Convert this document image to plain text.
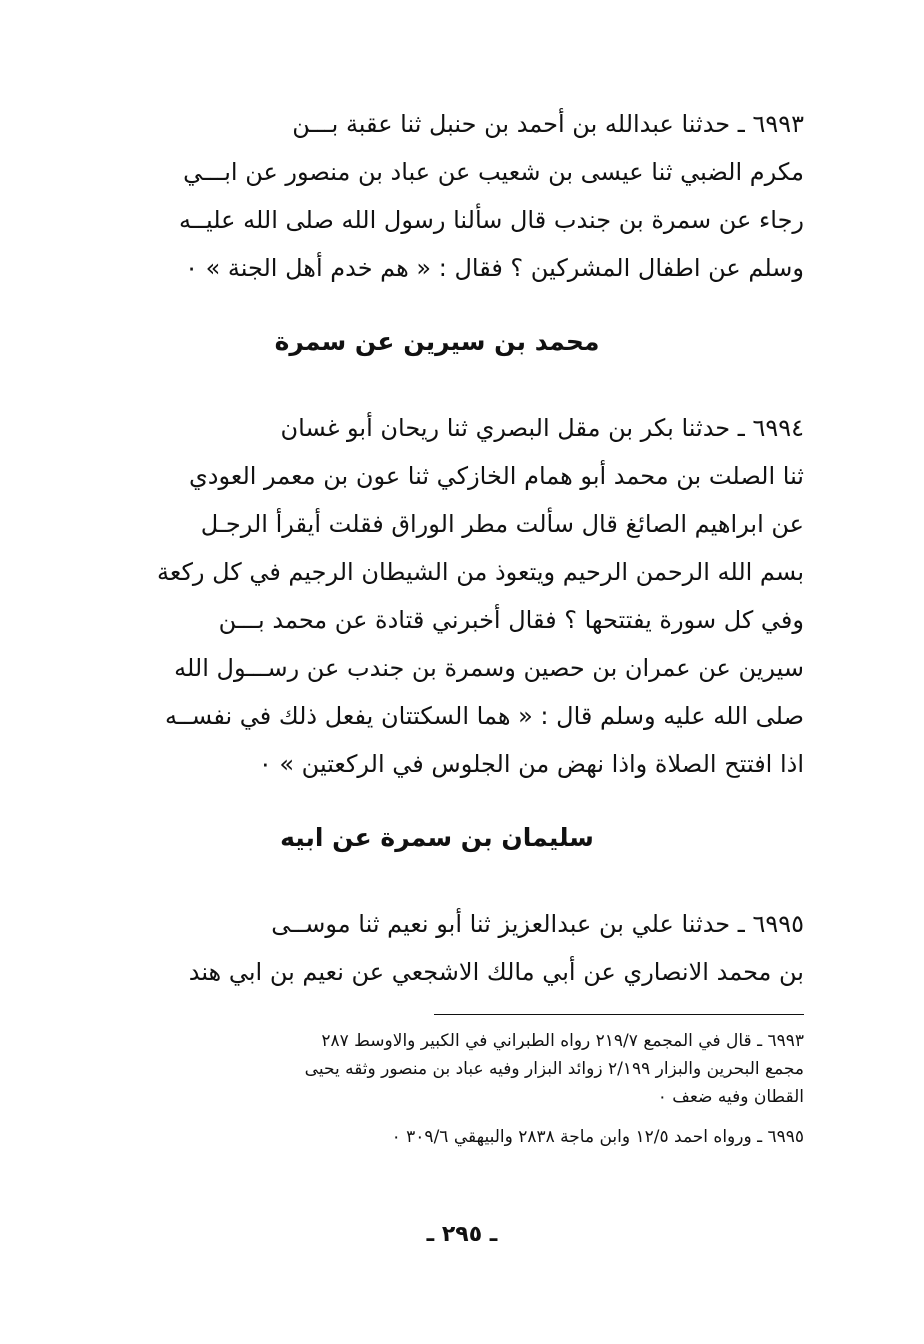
٦٩٩٣ ـ حدثنا عبدالله بن أحمد بن حنبل ثنا عقبة بـــن
مكرم الضبي ثنا عيسى بن شعيب عن عباد بن منصور عن ابـــي
رجاء عن سمرة بن جندب قال سألنا رسول الله صلى الله عليــه
وسلم عن اطفال المشركين ؟ فقال : « هم خدم أهل الجنة » ٠

محمد بن سيرين عن سمرة

٦٩٩٤ ـ حدثنا بكر بن مقل البصري ثنا ريحان أبو غسان
ثنا الصلت بن محمد أبو همام الخازكي ثنا عون بن معمر العودي
عن ابراهيم الصائغ قال سألت مطر الوراق فقلت أيقرأ الرجـل
بسم الله الرحمن الرحيم ويتعوذ من الشيطان الرجيم في كل ركعة
وفي كل سورة يفتتحها ؟ فقال أخبرني قتادة عن محمد بـــن
سيرين عن عمران بن حصين وسمرة بن جندب عن رســـول الله
صلى الله عليه وسلم قال : « هما السكتتان يفعل ذلك في نفســه
اذا افتتح الصلاة واذا نهض من الجلوس في الركعتين » ٠

سليمان بن سمرة عن ابيه

٦٩٩٥ ـ حدثنا علي بن عبدالعزيز ثنا أبو نعيم ثنا موســى
بن محمد الانصاري عن أبي مالك الاشجعي عن نعيم بن ابي هند

٦٩٩٣ ـ قال في المجمع ٢١٩/٧ رواه الطبراني في الكبير والاوسط ٢٨٧
مجمع البحرين والبزار ٢/١٩٩ زوائد البزار وفيه عباد بن منصور وثقه يحيى
القطان وفيه ضعف ٠

٦٩٩٥ ـ ورواه احمد ١٢/٥ وابن ماجة ٢٨٣٨ والبيهقي ٣٠٩/٦ ٠

ـ ٢٩٥ ـ
